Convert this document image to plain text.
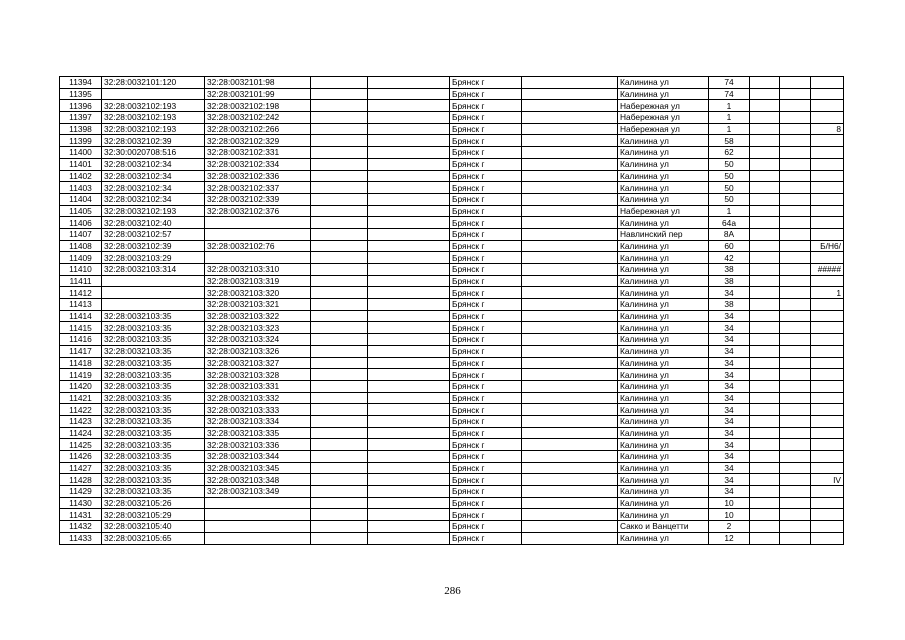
11394	32:28:0032101:120	32:28:0032101:98			Брянск г		Калинина ул	74			
11395		32:28:0032101:99			Брянск г		Калинина ул	74			
11396	32:28:0032102:193	32:28:0032102:198			Брянск г		Набережная ул	1			
11397	32:28:0032102:193	32:28:0032102:242			Брянск г		Набережная ул	1			
11398	32:28:0032102:193	32:28:0032102:266			Брянск г		Набережная ул	1			8
11399	32:28:0032102:39	32:28:0032102:329			Брянск г		Калинина ул	58			
11400	32:30:0020708:516	32:28:0032102:331			Брянск г		Калинина ул	62			
11401	32:28:0032102:34	32:28:0032102:334			Брянск г		Калинина ул	50			
11402	32:28:0032102:34	32:28:0032102:336			Брянск г		Калинина ул	50			
11403	32:28:0032102:34	32:28:0032102:337			Брянск г		Калинина ул	50			
11404	32:28:0032102:34	32:28:0032102:339			Брянск г		Калинина ул	50			
11405	32:28:0032102:193	32:28:0032102:376			Брянск г		Набережная ул	1			
11406	32:28:0032102:40				Брянск г		Калинина ул	64а			
11407	32:28:0032102:57				Брянск г		Навлинский пер	8А			
11408	32:28:0032102:39	32:28:0032102:76			Брянск г		Калинина ул	60			Б/Н6/
11409	32:28:0032103:29				Брянск г		Калинина ул	42			
11410	32:28:0032103:314	32:28:0032103:310			Брянск г		Калинина ул	38			#####
11411		32:28:0032103:319			Брянск г		Калинина ул	38			
11412		32:28:0032103:320			Брянск г		Калинина ул	34			1
11413		32:28:0032103:321			Брянск г		Калинина ул	38			
11414	32:28:0032103:35	32:28:0032103:322			Брянск г		Калинина ул	34			
11415	32:28:0032103:35	32:28:0032103:323			Брянск г		Калинина ул	34			
11416	32:28:0032103:35	32:28:0032103:324			Брянск г		Калинина ул	34			
11417	32:28:0032103:35	32:28:0032103:326			Брянск г		Калинина ул	34			
11418	32:28:0032103:35	32:28:0032103:327			Брянск г		Калинина ул	34			
11419	32:28:0032103:35	32:28:0032103:328			Брянск г		Калинина ул	34			
11420	32:28:0032103:35	32:28:0032103:331			Брянск г		Калинина ул	34			
11421	32:28:0032103:35	32:28:0032103:332			Брянск г		Калинина ул	34			
11422	32:28:0032103:35	32:28:0032103:333			Брянск г		Калинина ул	34			
11423	32:28:0032103:35	32:28:0032103:334			Брянск г		Калинина ул	34			
11424	32:28:0032103:35	32:28:0032103:335			Брянск г		Калинина ул	34			
11425	32:28:0032103:35	32:28:0032103:336			Брянск г		Калинина ул	34			
11426	32:28:0032103:35	32:28:0032103:344			Брянск г		Калинина ул	34			
11427	32:28:0032103:35	32:28:0032103:345			Брянск г		Калинина ул	34			
11428	32:28:0032103:35	32:28:0032103:348			Брянск г		Калинина ул	34			IV
11429	32:28:0032103:35	32:28:0032103:349			Брянск г		Калинина ул	34			
11430	32:28:0032105:26				Брянск г		Калинина ул	10			
11431	32:28:0032105:29				Брянск г		Калинина ул	10			
11432	32:28:0032105:40				Брянск г		Сакко и Ванцетти	2			
11433	32:28:0032105:65				Брянск г		Калинина ул	12			
286
